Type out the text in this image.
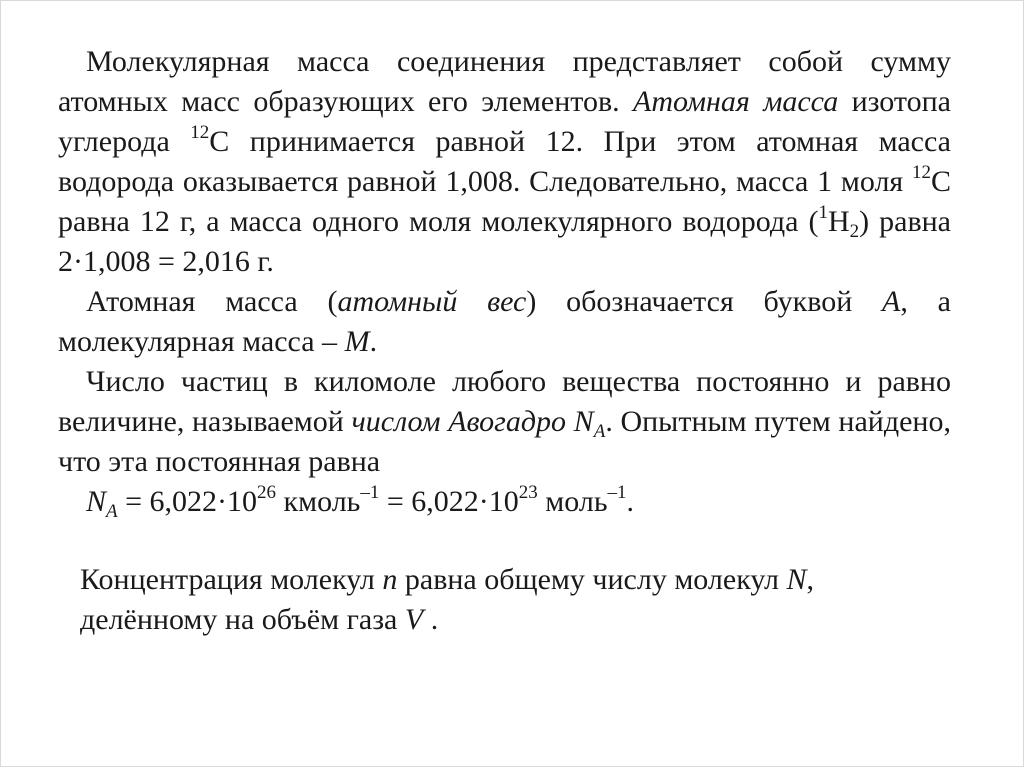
Молекулярная масса соединения представляет собой сумму атомных масс образующих его элементов. Атомная масса изотопа углерода $^{12}$C принимается равной 12. При этом атомная масса водорода оказывается равной 1,008. Следовательно, масса 1 моля $^{12}$C равна 12 г, а масса одного моля молекулярного водорода $(^1H_2)$ равна 2·1,008 = 2,016 г.

Атомная масса (атомный вес) обозначается буквой A, а молекулярная масса – M.

Число частиц в киломоле любого вещества постоянно и равно величине, называемой числом Авогадро $N_A$. Опытным путем найдено, что эта постоянная равна

$N_A = 6,022\cdot 10^{26}$ кмоль$^{-1}$ = $6,022\cdot 10^{23}$ моль$^{-1}$.

Концентрация молекул n равна общему числу молекул N,
делённому на объём газа V .
